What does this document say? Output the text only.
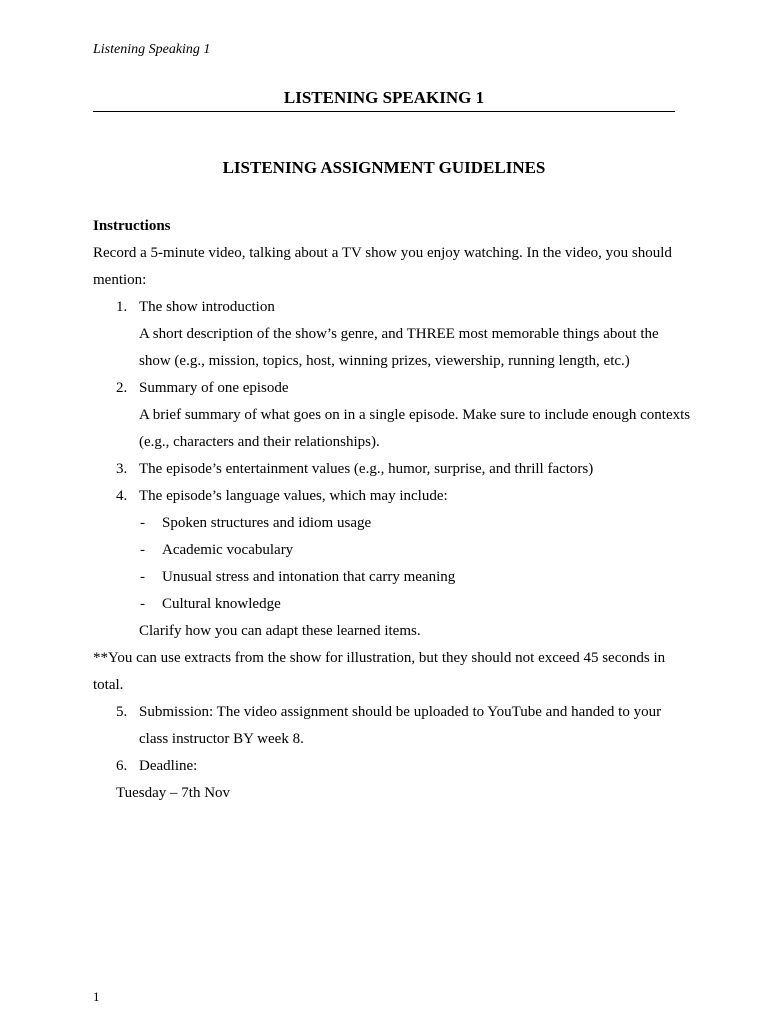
Listening Speaking 1
LISTENING SPEAKING 1
LISTENING ASSIGNMENT GUIDELINES
Instructions
Record a 5-minute video, talking about a TV show you enjoy watching. In the video, you should mention:
1. The show introduction
A short description of the show’s genre, and THREE most memorable things about the show (e.g., mission, topics, host, winning prizes, viewership, running length, etc.)
2. Summary of one episode
A brief summary of what goes on in a single episode. Make sure to include enough contexts (e.g., characters and their relationships).
3. The episode’s entertainment values (e.g., humor, surprise, and thrill factors)
4. The episode’s language values, which may include:
- Spoken structures and idiom usage
- Academic vocabulary
- Unusual stress and intonation that carry meaning
- Cultural knowledge
Clarify how you can adapt these learned items.
**You can use extracts from the show for illustration, but they should not exceed 45 seconds in total.
5. Submission: The video assignment should be uploaded to YouTube and handed to your class instructor BY week 8.
6. Deadline:
Tuesday – 7th Nov
1
